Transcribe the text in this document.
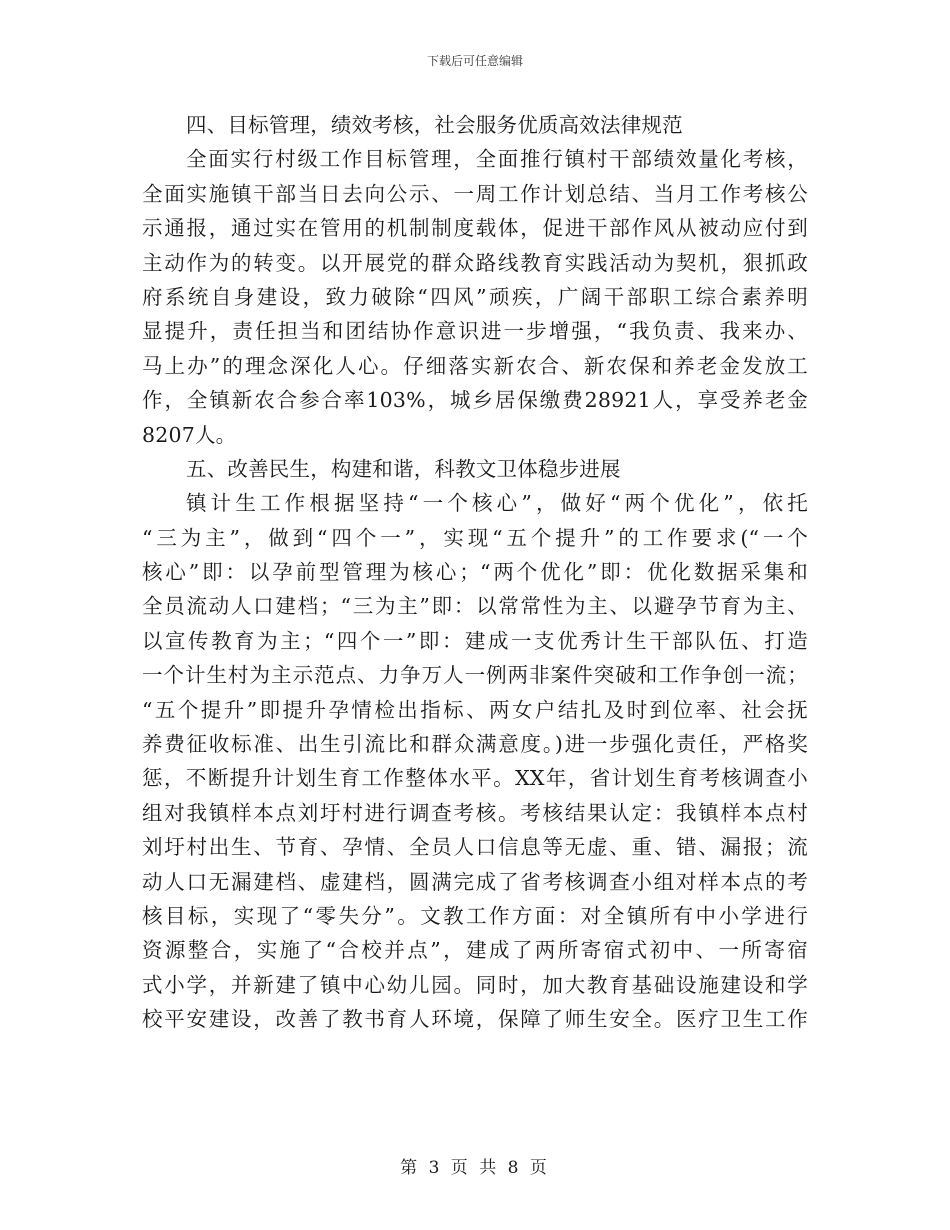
下载后可任意编辑
四、目标管理，绩效考核，社会服务优质高效法律规范
全面实行村级工作目标管理，全面推行镇村干部绩效量化考核，
全面实施镇干部当日去向公示、一周工作计划总结、当月工作考核公
示通报，通过实在管用的机制制度载体，促进干部作风从被动应付到
主动作为的转变。以开展党的群众路线教育实践活动为契机，狠抓政
府系统自身建设，致力破除“四风”顽疾，广阔干部职工综合素养明
显提升，责任担当和团结协作意识进一步增强，“我负责、我来办、
马上办”的理念深化人心。仔细落实新农合、新农保和养老金发放工
作，全镇新农合参合率103%，城乡居保缴费28921人，享受养老金
8207人。
五、改善民生，构建和谐，科教文卫体稳步进展
镇计生工作根据坚持“一个核心”，做好“两个优化”，依托
“三为主”，做到“四个一”，实现“五个提升”的工作要求(“一个
核心”即：以孕前型管理为核心；“两个优化”即：优化数据采集和
全员流动人口建档；“三为主”即：以常常性为主、以避孕节育为主、
以宣传教育为主；“四个一”即：建成一支优秀计生干部队伍、打造
一个计生村为主示范点、力争万人一例两非案件突破和工作争创一流；
“五个提升”即提升孕情检出指标、两女户结扎及时到位率、社会抚
养费征收标准、出生引流比和群众满意度。)进一步强化责任，严格奖
惩，不断提升计划生育工作整体水平。XX年，省计划生育考核调查小
组对我镇样本点刘圩村进行调查考核。考核结果认定：我镇样本点村
刘圩村出生、节育、孕情、全员人口信息等无虚、重、错、漏报；流
动人口无漏建档、虚建档，圆满完成了省考核调查小组对样本点的考
核目标，实现了“零失分”。文教工作方面：对全镇所有中小学进行
资源整合，实施了“合校并点”，建成了两所寄宿式初中、一所寄宿
式小学，并新建了镇中心幼儿园。同时，加大教育基础设施建设和学
校平安建设，改善了教书育人环境，保障了师生安全。医疗卫生工作
第 3 页 共 8 页
